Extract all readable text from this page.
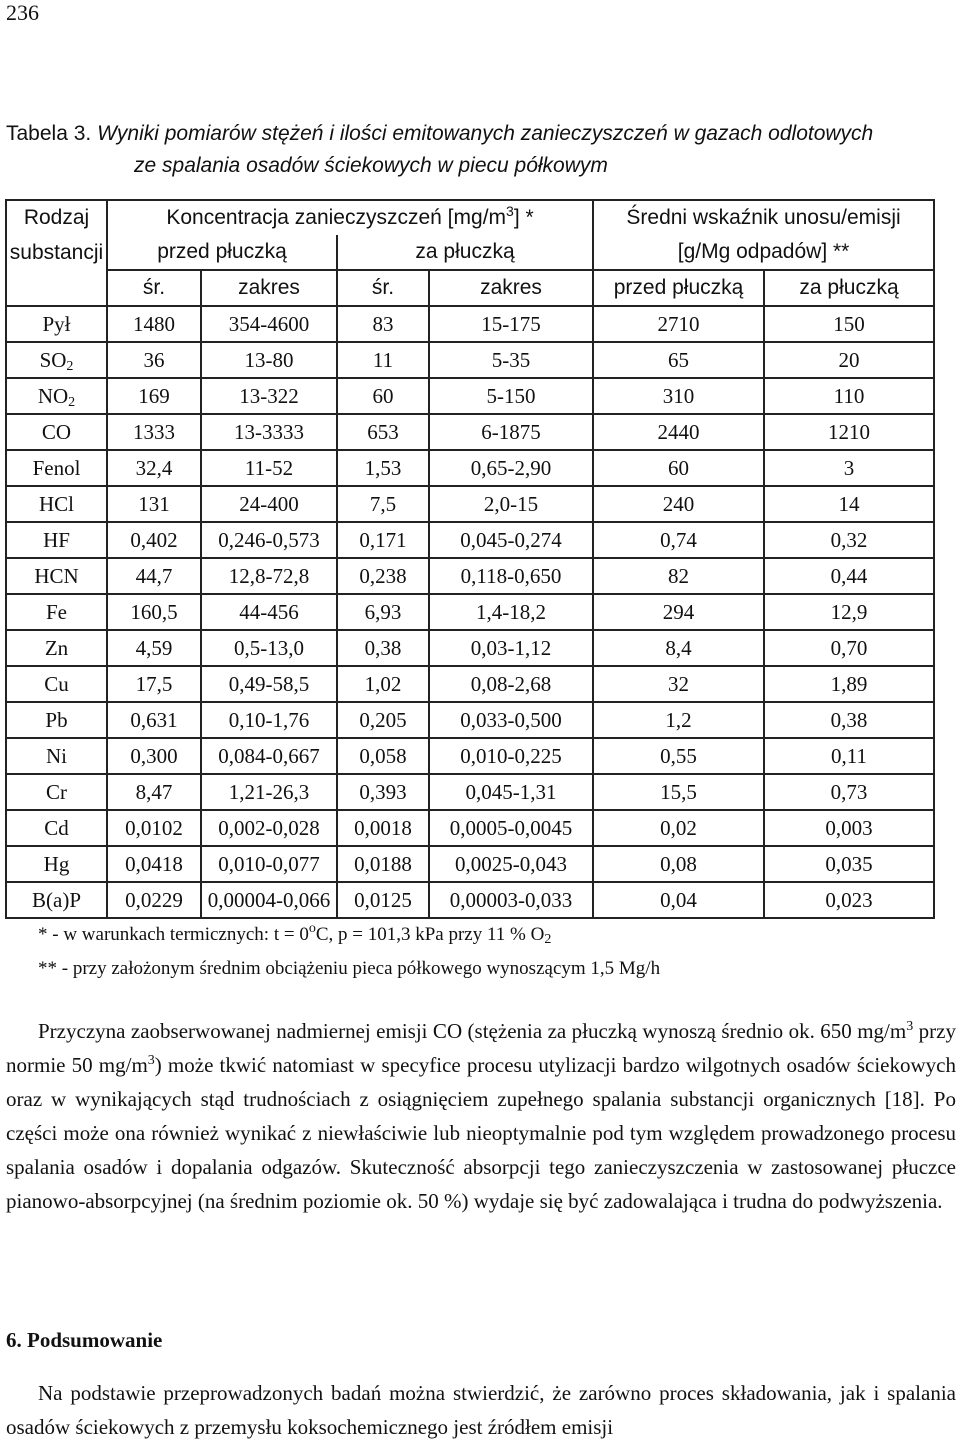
236
Tabela 3. Wyniki pomiarów stężeń i ilości emitowanych zanieczyszczeń w gazach odlotowych
ze spalania osadów ściekowych w piecu półkowym
Rodzaj	Koncentracja zanieczyszczeń $[mg/m^3]$ *				Średni wskaźnik unosu/emisji	
substancji	przed płuczką		za płuczką		[g/Mg odpadów] **	
	śr.	zakres	śr.	zakres	przed płuczką	za płuczką
Pył	1480	354-4600	83	15-175	2710	150
$SO_2$	36	13-80	11	5-35	65	20
$NO_2$	169	13-322	60	5-150	310	110
CO	1333	13-3333	653	6-1875	2440	1210
Fenol	32,4	11-52	1,53	0,65-2,90	60	3
HCl	131	24-400	7,5	2,0-15	240	14
HF	0,402	0,246-0,573	0,171	0,045-0,274	0,74	0,32
HCN	44,7	12,8-72,8	0,238	0,118-0,650	82	0,44
Fe	160,5	44-456	6,93	1,4-18,2	294	12,9
Zn	4,59	0,5-13,0	0,38	0,03-1,12	8,4	0,70
Cu	17,5	0,49-58,5	1,02	0,08-2,68	32	1,89
Pb	0,631	0,10-1,76	0,205	0,033-0,500	1,2	0,38
Ni	0,300	0,084-0,667	0,058	0,010-0,225	0,55	0,11
Cr	8,47	1,21-26,3	0,393	0,045-1,31	15,5	0,73
Cd	0,0102	0,002-0,028	0,0018	0,0005-0,0045	0,02	0,003
Hg	0,0418	0,010-0,077	0,0188	0,0025-0,043	0,08	0,035
B(a)P	0,0229	0,00004-0,066	0,0125	0,00003-0,033	0,04	0,023
* - w warunkach termicznych: $t = 0^oC$, p = 101,3 kPa przy 11 % $O_2$
** - przy założonym średnim obciążeniu pieca półkowego wynoszącym 1,5 Mg/h

Przyczyna zaobserwowanej nadmiernej emisji CO (stężenia za płuczką wynoszą średnio ok. 650 $mg/m^3$ przy normie 50 $mg/m^3$) może tkwić natomiast w specyfice procesu utylizacji bardzo wilgotnych osadów ściekowych oraz w wynikających stąd trudnościach z osiągnięciem zupełnego spalania substancji organicznych [18]. Po części może ona również wynikać z niewłaściwie lub nieoptymalnie pod tym względem prowadzonego procesu spalania osadów i dopalania odgazów. Skuteczność absorpcji tego zanieczyszczenia w zastosowanej płuczce pianowo-absorpcyjnej (na średnim poziomie ok. 50 %) wydaje się być zadowalająca i trudna do podwyższenia.

6. Podsumowanie

Na podstawie przeprowadzonych badań można stwierdzić, że zarówno proces składowania, jak i spalania osadów ściekowych z przemysłu koksochemicznego jest źródłem emisji
